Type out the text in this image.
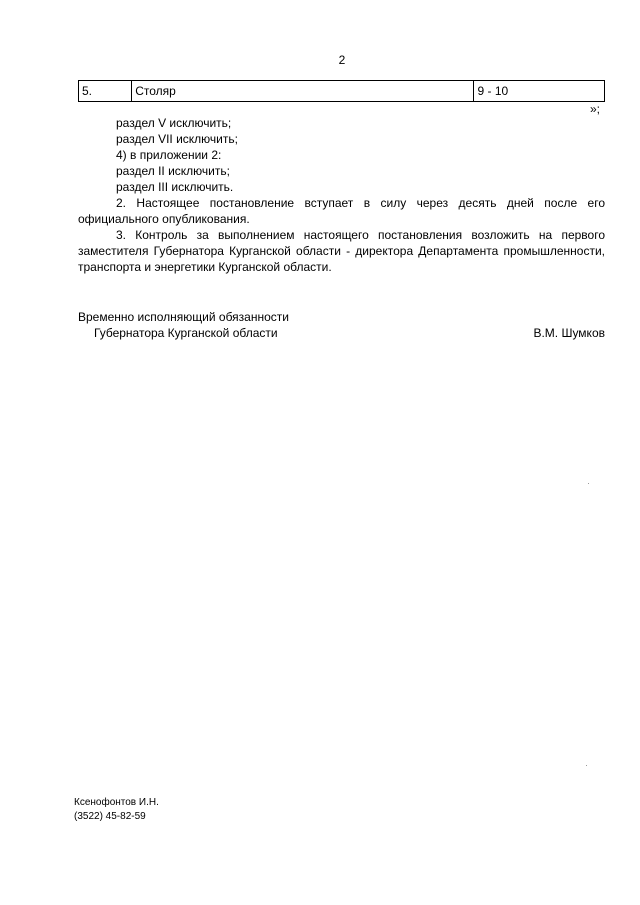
2
5.	Столяр	9 - 10
»;

раздел V исключить;

раздел VII исключить;

4) в приложении 2:

раздел II исключить;

раздел III исключить.

2. Настоящее постановление вступает в силу через десять дней после его официального опубликования.

3. Контроль за выполнением настоящего постановления возложить на первого заместителя Губернатора Курганской области - директора Департамента промышленности, транспорта и энергетики Курганской области.

Временно исполняющий обязанности
Губернатора Курганской области	В.М. Шумков
Ксенофонтов И.Н.
(3522) 45-82-59
